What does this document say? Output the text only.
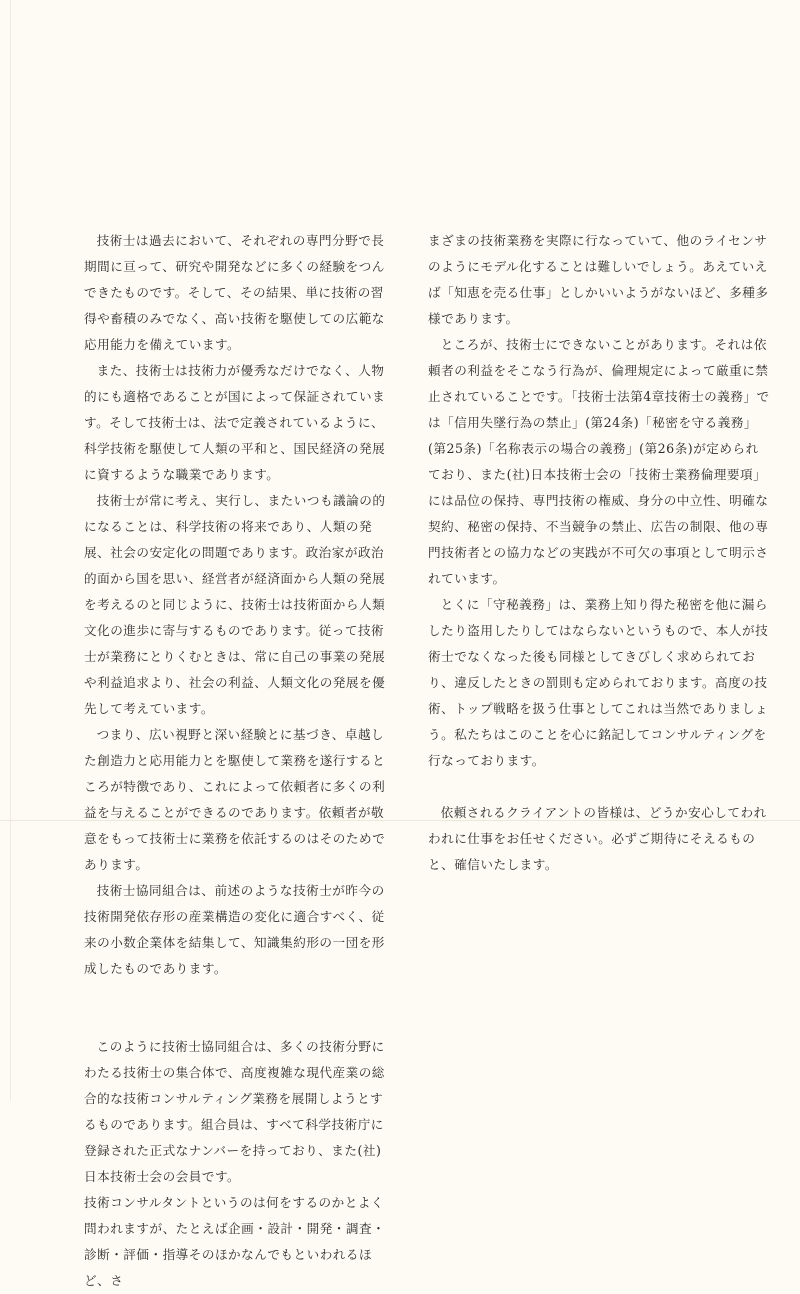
技術士は過去において、それぞれの専門分野で長期間に亘って、研究や開発などに多くの経験をつんできたものです。そして、その結果、単に技術の習得や畜積のみでなく、高い技術を駆使しての広範な応用能力を備えています。

また、技術士は技術力が優秀なだけでなく、人物的にも適格であることが国によって保証されています。そして技術士は、法で定義されているように、科学技術を駆使して人類の平和と、国民経済の発展に資するような職業であります。

技術士が常に考え、実行し、またいつも議論の的になることは、科学技術の将来であり、人類の発展、社会の安定化の問題であります。政治家が政治的面から国を思い、経営者が経済面から人類の発展を考えるのと同じように、技術士は技術面から人類文化の進歩に寄与するものであります。従って技術士が業務にとりくむときは、常に自己の事業の発展や利益追求より、社会の利益、人類文化の発展を優先して考えています。

つまり、広い視野と深い経験とに基づき、卓越した創造力と応用能力とを駆使して業務を遂行するところが特徴であり、これによって依頼者に多くの利益を与えることができるのであります。依頼者が敬意をもって技術士に業務を依託するのはそのためであります。

技術士協同組合は、前述のような技術士が昨今の技術開発依存形の産業構造の変化に適合すべく、従来の小数企業体を結集して、知識集約形の一団を形成したものであります。

このように技術士協同組合は、多くの技術分野にわたる技術士の集合体で、高度複雑な現代産業の総合的な技術コンサルティング業務を展開しようとするものであります。組合員は、すべて科学技術庁に登録された正式なナンバーを持っており、また(社)日本技術士会の会員です。

技術コンサルタントというのは何をするのかとよく問われますが、たとえば企画・設計・開発・調査・診断・評価・指導そのほかなんでもといわれるほど、さ

まざまの技術業務を実際に行なっていて、他のライセンサのようにモデル化することは難しいでしょう。あえていえば「知恵を売る仕事」としかいいようがないほど、多種多様であります。

ところが、技術士にできないことがあります。それは依頼者の利益をそこなう行為が、倫理規定によって厳重に禁止されていることです。「技術士法第4章技術士の義務」では「信用失墜行為の禁止」(第24条)「秘密を守る義務」(第25条)「名称表示の場合の義務」(第26条)が定められており、また(社)日本技術士会の「技術士業務倫理要項」には品位の保持、専門技術の権威、身分の中立性、明確な契約、秘密の保持、不当競争の禁止、広告の制限、他の専門技術者との協力などの実践が不可欠の事項として明示されています。

とくに「守秘義務」は、業務上知り得た秘密を他に漏らしたり盗用したりしてはならないというもので、本人が技術士でなくなった後も同様としてきびしく求められており、違反したときの罰則も定められております。高度の技術、トップ戦略を扱う仕事としてこれは当然でありましょう。私たちはこのことを心に銘記してコンサルティングを行なっております。

依頼されるクライアントの皆様は、どうか安心してわれわれに仕事をお任せください。必ずご期待にそえるものと、確信いたします。
